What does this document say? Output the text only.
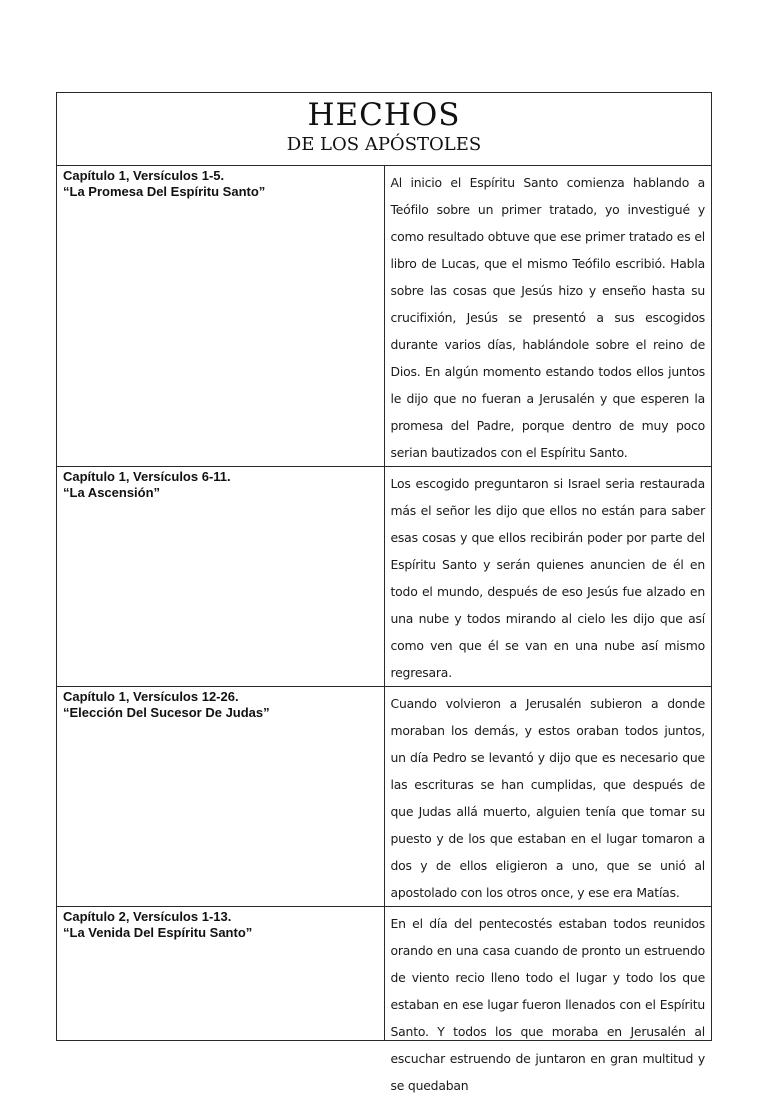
HECHOS
DE LOS APÓSTOLES	

Capítulo 1, Versículos 1-5.
“La Promesa Del Espíritu Santo”	Al inicio el Espíritu Santo comienza hablando a Teófilo sobre un primer tratado, yo investigué y como resultado obtuve que ese primer tratado es el libro de Lucas, que el mismo Teófilo escribió. Habla sobre las cosas que Jesús hizo y enseño hasta su crucifixión, Jesús se presentó a sus escogidos durante varios días, hablándole sobre el reino de Dios. En algún momento estando todos ellos juntos le dijo que no fueran a Jerusalén y que esperen la promesa del Padre, porque dentro de muy poco serian bautizados con el Espíritu Santo.

Capítulo 1, Versículos 6-11.
“La Ascensión”	Los escogido preguntaron si Israel seria restaurada más el señor les dijo que ellos no están para saber esas cosas y que ellos recibirán poder por parte del Espíritu Santo y serán quienes anuncien de él en todo el mundo, después de eso Jesús fue alzado en una nube y todos mirando al cielo les dijo que así como ven que él se van en una nube así mismo regresara.

Capítulo 1, Versículos 12-26.
“Elección Del Sucesor De Judas”	Cuando volvieron a Jerusalén subieron a donde moraban los demás, y estos oraban todos juntos, un día Pedro se levantó y dijo que es necesario que las escrituras se han cumplidas, que después de que Judas allá muerto, alguien tenía que tomar su puesto y de los que estaban en el lugar tomaron a dos y de ellos eligieron a uno, que se unió al apostolado con los otros once, y ese era Matías.

Capítulo 2, Versículos 1-13.
“La Venida Del Espíritu Santo”	En el día del pentecostés estaban todos reunidos orando en una casa cuando de pronto un estruendo de viento recio lleno todo el lugar y todo los que estaban en ese lugar fueron llenados con el Espíritu Santo. Y todos los que moraba en Jerusalén al escuchar estruendo de juntaron en gran multitud y se quedaban
